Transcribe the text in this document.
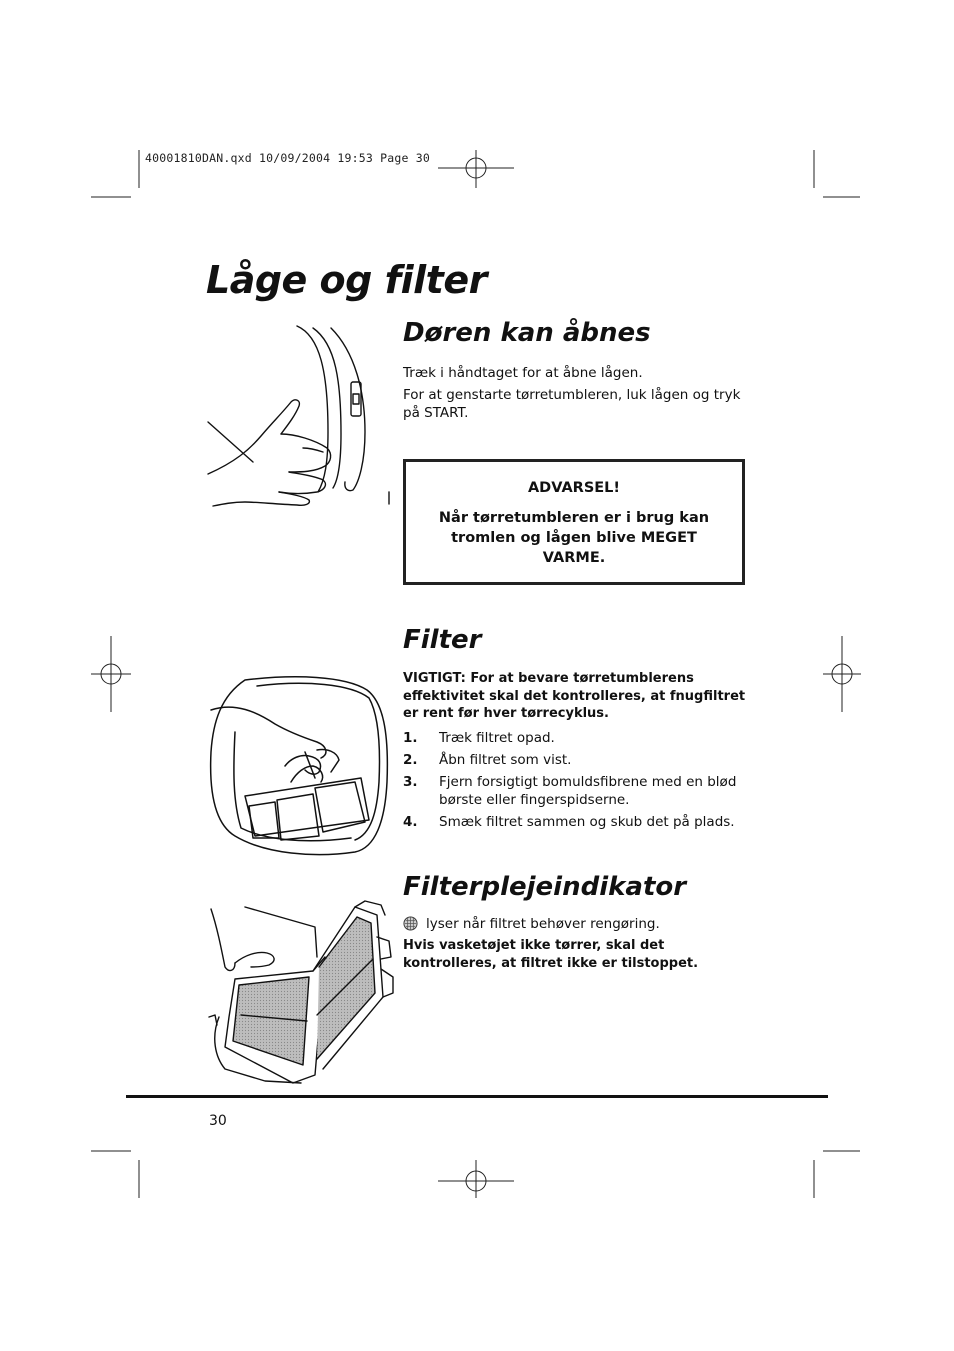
40001810DAN.qxd 10/09/2004 19:53 Page 30
Låge og filter
Døren kan åbnes

Træk i håndtaget for at åbne lågen.

For at genstarte tørretumbleren, luk lågen og tryk på START.

ADVARSEL!
Når tørretumbleren er i brug kan tromlen og lågen blive MEGET VARME.
Filter

VIGTIGT: For at bevare tørretumblerens effektivitet skal det kontrolleres, at fnugfiltret er rent før hver tørrecyklus.

1. Træk filtret opad.
2. Åbn filtret som vist.
3. Fjern forsigtigt bomuldsfibrene med en blød børste eller fingerspidserne.
4. Smæk filtret sammen og skub det på plads.
Filterplejeindikator

lyser når filtret behøver rengøring.

Hvis vasketøjet ikke tørrer, skal det kontrolleres, at filtret ikke er tilstoppet.

30
